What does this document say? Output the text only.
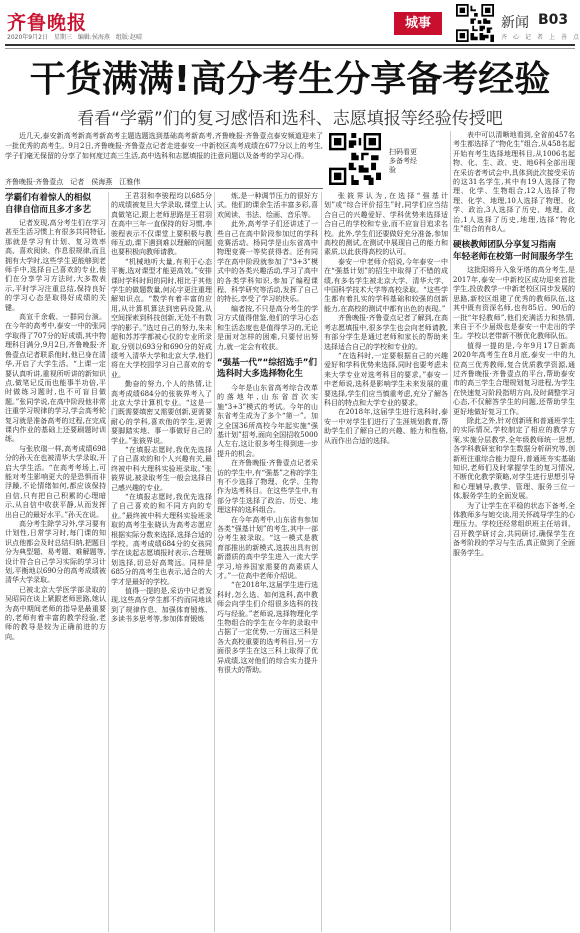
齐鲁晚报
2020年9月2日　星期三　编辑:侯海燕　组版:赵晴
城事	新闻 B03
齐　心　记　者　上　善　点
干货满满!高分考生分享备考经验
看看“学霸”们的复习感悟和选科、志愿填报等经验传授吧
近几天,泰安新高考新高考新高考主题选题选到基础高考新高考,齐鲁晚报·齐鲁壹点泰安频道迎来了一批优秀的高考生。9月2日,齐鲁晚报·齐鲁壹点记者走进泰安一中新校区高考成绩在677分以上的考生,学子们毫无保留的分享了如何度过高三生活,高中选科和志愿填报的注意问题以及备考的学习心得。	扫码看更多备考经验
齐鲁晚报·齐鲁壹点　记者　侯海燕　江雅伟
学霸们有着惊人的相似
自律自信而且多才多艺

记者发现,高分考生们在学习甚至生活习惯上有很多共同特征,那就是学习有计划、复习效率高、喜欢阅读、作息很规律,而且拥有大学时,这些学生更能够到老师手中,选择自己喜欢的专业,他们在分享学习方法时,大多数表示,平时学习注重总结,保持良好的学习心态是取得好成绩的关键。

高宣千余载、一群同台演。在今年的高考中,泰安一中的张同学取得了707分的好成绩,其中物理科目满分,9月2日,齐鲁晚报·齐鲁壹点记者联系他时,他已身在清华,开启了大学生活。“上课一定要认真听讲,重视所听讲的新知识点,做笔记反而也能事半功倍,平时做练习题时,也不可盲目做题。”张同学说,在高中阶段他非常注重学习规律的学习,学会高考轮复习就是准备高考的过程,在完成课内作业的基础上还要刷题时训练。

与张欣瑞一样,高考成绩698分的孙天在也被清华大学录取,开启大学生活。“在高考考场上,可能对考生影响更大的是恐惧而非浮躁,不论情绪如何,都应该保持自信,只有把自己积累的心理暗示,从自信中收获平静,从而发挥出自己的最好水平。”孙天在说。

高分考生除学习外,学习要有计划性,日常学习时,每门课的知识点他都会及时总结归纳,把题目分为典型题、易考题、难解题等,设计符合自己学习实际的学习计划,平衡地以690分的高考成绩被清华大学录取。

已被北京大学医学部录取的吴昭同在谈上紧跟老师思路,她认为高中期间老师的指导是最重要的,老师有着丰富的教学经验,老师的教导是较为正确前进的方向。

王君羽和李骏程均以685分的成绩被复旦大学录取,课堂上认真做笔记,跟上老师思路是王君羽在高中三年一直保持的好习惯,李骏程表示不仅课堂上要积极与教师互动,课下遇到难以理解的问题也要积极向教师请教。

“机械地听大量,有利于心态平衡,选对课型才能更高效。”安排课时学科时间的同时,相比于其他学生的做题数量,何沁宇更注重理解知识点。“数学有着丰富的应用,从计算机算法到密码设置,从空间探索到科技创新,无处不有数学的影子。”选过自己的努力,朱未超和苏苏学都被心仪的专业所录取,分别以693分和690分的好成绩考入清华大学和北京大学,他们将在大学校园学习自己喜欢的专业。

勤奋的努力,个人的热情,让高考成绩684分的张筱界考入了北京大学计算机专业。“这是一门既需要缜密又需要创新,更需要耐心的学科,喜欢他的学生,更需要脚踏实地、事一事做好自己的学业。”张筱界说。

“在填报志愿时,我优先选择了自己喜欢的和个人兴趣有关,最终被中科大理科实验班录取。”张筱界说,被录取考生一般会选择自己感兴趣的专业。

“在填报志愿时,我优先选择了自己喜欢的和不同方向的专业。”最终被中科大理科实验班录取的高考生张晓认为高考志愿应根据实际分数来选择,选择合适的学校。高考成绩684分的女孩同学在谈起志愿填报时表示,合理规划选择,切忌好高骛远。同样是685分的高考生也表示,适合的大学才是最好的学校。

值得一提的是,采访中记者发现,这些高分学生都不约而同地谈到了规律作息、加强体育锻炼、多读书多思考等,参加体育锻炼

炼,是一种调节压力的很好方式。他们的课余生活丰富多彩,喜欢阅读、书法、绘画、音乐等。

此外,高考学子们还讲述了一些自己在高中阶段参加过的学科竞赛活动。杨同学是山东省高中物理竞赛一等奖获得者。还有同学在高中阶段就参加了“3+3”模式中的各类兴趣活动,学习了高中的各类学科知识,参加了编程课程、科学研究等活动,发挥了自己的特长,享受了学习的快乐。

编者按,不只是高分考生的学习方式值得借鉴,他们的学习心态和生活态度也是值得学习的,无论是面对怎样的困难,只要付出努力,就一定会有收获。

“强基一代”“综招选手”们
选科时大多选择物化生

今年是山东省高考综合改革的落地年,山东省首次实施“3+3”模式的考试。今年的山东省考生成为了多个“第一”。加之全国36所高校今年起实施“强基计划”招考,面向全国招收5000人左右,这让很多考生得到进一步提升的机会。

在齐鲁晚报·齐鲁壹点记者采访的学生中,有“强基”之称的学生有不少选择了物理、化学、生物作为选考科目。在这些学生中,有部分学生选择了政治、历史、地理这样的选科组合。

在今年高考中,山东省有参加各类“强基计划”的考生,其中一部分考生被录取。“这一模式是教育部推出的新模式,选拔出具有创新潜质的高中学生进入一流大学学习,培养国家需要的高素质人才。”一位高中老师介绍说。

“在2018年,这届学生进行选科时,怎么选、如何选科,高中教师会向学生们介绍很多选科的技巧与经验。”老师说,选择物理化学生物组合的学生在今年的录取中占据了一定优势,一方面这三科是各大高校重要的选考科目,另一方面很多学生在这三科上取得了优异成绩,这对他们的综合实力提升有很大的帮助。

张筱界认为,在选择“强基计划”或“综合评价招生”时,同学们应当结合自己的兴趣爱好、学科优势来选择适合自己的学校和专业,而不应盲目追求名校。此外,学生们还要做好充分准备,参加高校的测试,在测试中展现自己的能力和素质,以此获得高校的认可。

泰安一中老师介绍说,今年泰安一中在“强基计划”的招生中取得了不错的成绩,有多名学生被北京大学、清华大学、中国科学技术大学等高校录取。“这些学生都有着扎实的学科基础和较强的创新能力,在高校的测试中都有出色的表现。”

齐鲁晚报·齐鲁壹点记者了解到,在高考志愿填报中,很多学生也会向老师请教,有部分学生是通过老师和家长的帮助来选择适合自己的学校和专业的。

“在选科时,一定要根据自己的兴趣爱好和学科优势来选择,同时也要考虑未来大学专业对选考科目的要求。”泰安一中老师说,选科是影响学生未来发展的重要选择,学生们应当慎重考虑,充分了解各科目的特点和大学专业的要求。

在2018年,这届学生进行选科时,泰安一中对学生们进行了生涯规划教育,帮助学生们了解自己的兴趣、能力和性格,从而作出合适的选择。

表中可以清晰地看到,全省前457名考生都选择了“物化生”组合,从458名起开始有考生选择地理科目,从1006名起物、化、生、政、史、地6科全部出现在采访者考试会中,具体到此次接受采访的这31名学生,其中有19人选择了物理、化学、生物组合,12人选择了物理、化学、地理,10人选择了物理、化学、政治,3人选择了历史、地理、政治,1人选择了历史,地理,选择“物化生”组合的有8人。

硬核教师团队分享复习指南
年轻老师在校第一时间服务学生

这批阳将升入象牙塔的高分考生,是2017年,泰安一中新校区成功迎来首批学生,投放教学一中新老校区同步发展的思路,新校区组建了优秀的教师队伍,这其中既有资深名师,也有85后、90后的一批“年轻教师”,他们充满活力和热情,来自于不少届级也是泰安一中走出的学生。学校以老带新不断优化教师队伍。

值得一提的是,今年9月17日新高2020年高考生在8月底,泰安一中的九位高三优秀教师,复合优质教学资源,通过齐鲁晚报·齐鲁壹点的平台,帮助泰安市的高三学生合理规划复习进程,为学生在快速复习阶段指明方向,及时调整学习心态,不仅解答学生的问题,还帮助学生更好地做好复习工作。

除此之外,针对创新班和普通班学生的实际情况,学校制定了相应的教学方案,实施分层教学,全年级教师统一思想,各学科教研室和学生数据分析研究等,创新班注重综合能力提升,普通班夯实基础知识,老师们及时掌握学生的复习情况,不断优化教学策略,对学生进行思想引导和心理辅导,教学、管理、服务三位一体,服务学生的全面发展。

为了让学生在平稳的状态下备考,全体教师多与她交谈,用关怀疏导学生的心理压力。学校还经常组织班主任培训、召开教学研讨会,共同研讨,确保学生在备考阶段的学习与生活,真正做到了全面服务学生。
